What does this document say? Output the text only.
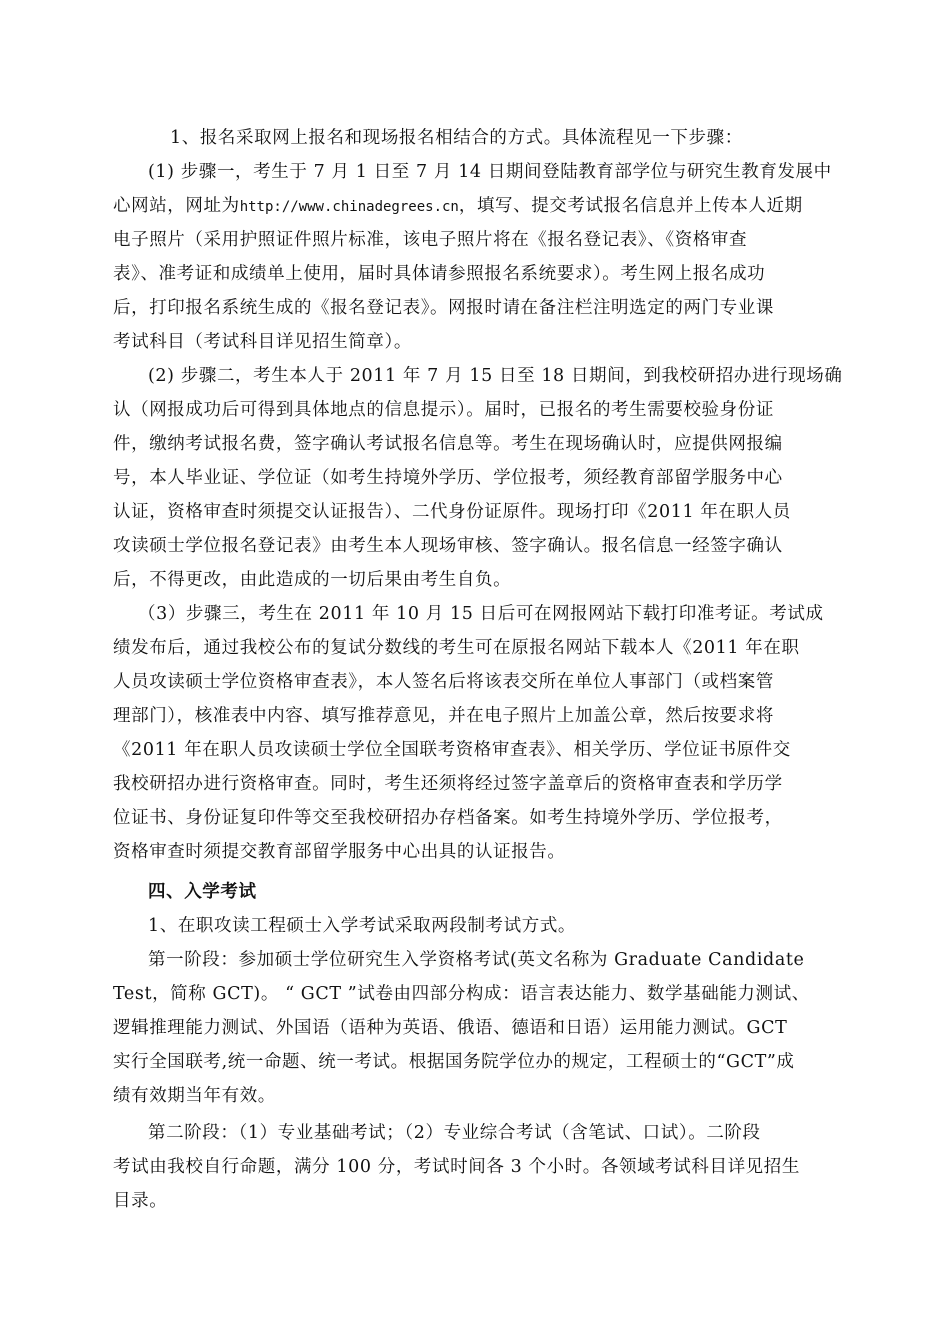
1、报名采取网上报名和现场报名相结合的方式。具体流程见一下步骤：
(1) 步骤一，考生于 7 月 1 日至 7 月 14 日期间登陆教育部学位与研究生教育发展中
心网站，网址为http://www.chinadegrees.cn，填写、提交考试报名信息并上传本人近期
电子照片（采用护照证件照片标准，该电子照片将在《报名登记表》、《资格审查
表》、准考证和成绩单上使用，届时具体请参照报名系统要求）。考生网上报名成功
后，打印报名系统生成的《报名登记表》。网报时请在备注栏注明选定的两门专业课
考试科目（考试科目详见招生简章）。
(2) 步骤二，考生本人于 2011 年 7 月 15 日至 18 日期间，到我校研招办进行现场确
认（网报成功后可得到具体地点的信息提示）。届时，已报名的考生需要校验身份证
件，缴纳考试报名费，签字确认考试报名信息等。考生在现场确认时，应提供网报编
号，本人毕业证、学位证（如考生持境外学历、学位报考，须经教育部留学服务中心
认证，资格审查时须提交认证报告）、二代身份证原件。现场打印《2011 年在职人员
攻读硕士学位报名登记表》由考生本人现场审核、签字确认。报名信息一经签字确认
后，不得更改，由此造成的一切后果由考生自负。
（3）步骤三，考生在 2011 年 10 月 15 日后可在网报网站下载打印准考证。考试成
绩发布后，通过我校公布的复试分数线的考生可在原报名网站下载本人《2011 年在职
人员攻读硕士学位资格审查表》，本人签名后将该表交所在单位人事部门（或档案管
理部门），核准表中内容、填写推荐意见，并在电子照片上加盖公章，然后按要求将
《2011 年在职人员攻读硕士学位全国联考资格审查表》、相关学历、学位证书原件交
我校研招办进行资格审查。同时，考生还须将经过签字盖章后的资格审查表和学历学
位证书、身份证复印件等交至我校研招办存档备案。如考生持境外学历、学位报考，
资格审查时须提交教育部留学服务中心出具的认证报告。
四、入学考试
1、在职攻读工程硕士入学考试采取两段制考试方式。
第一阶段：参加硕士学位研究生入学资格考试(英文名称为 Graduate Candidate
Test，简称 GCT)。 “ GCT ”试卷由四部分构成：语言表达能力、数学基础能力测试、
逻辑推理能力测试、外国语（语种为英语、俄语、德语和日语）运用能力测试。GCT
实行全国联考,统一命题、统一考试。根据国务院学位办的规定，工程硕士的“GCT”成
绩有效期当年有效。
第二阶段：（1）专业基础考试；（2）专业综合考试（含笔试、口试）。二阶段
考试由我校自行命题，满分 100 分，考试时间各 3 个小时。各领域考试科目详见招生
目录。
